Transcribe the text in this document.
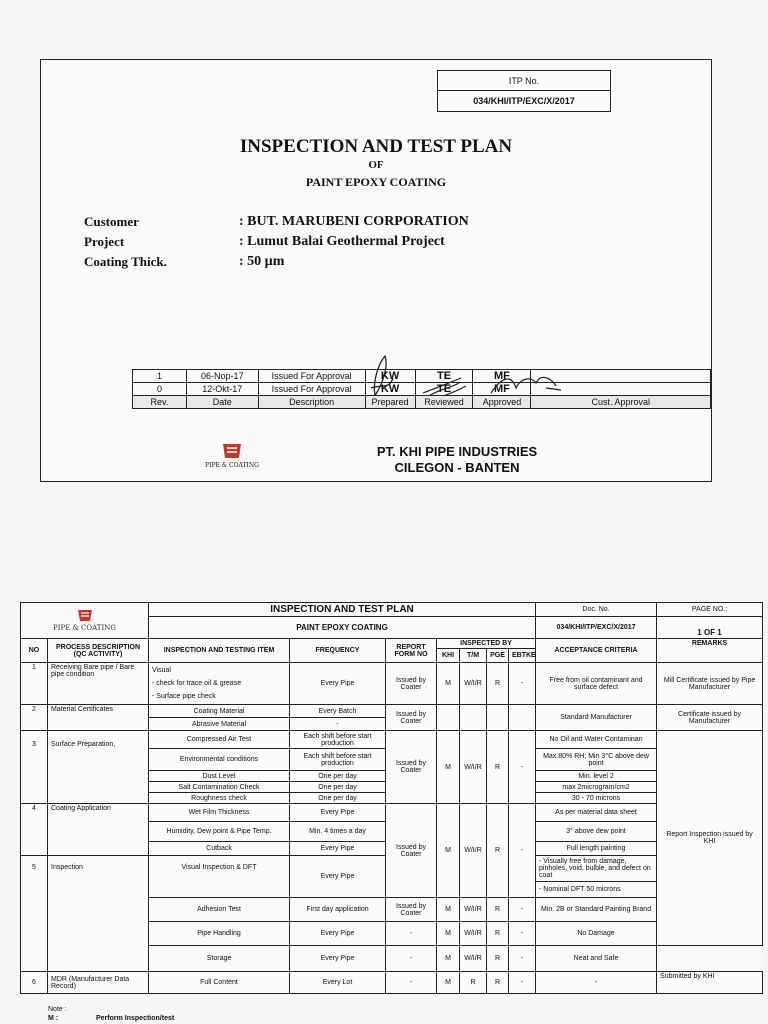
ITP No.
034/KHI/ITP/EXC/X/2017
INSPECTION AND TEST PLAN
OF
PAINT EPOXY COATING
Customer	: BUT. MARUBENI CORPORATION
Project	: Lumut Balai Geothermal Project
Coating Thick.	: 50 µm
1	06-Nop-17	Issued For Approval	KW	TE	MF	
0	12-Okt-17	Issued For Approval	KW	TE	MF	
Rev.	Date	Description	Prepared	Reviewed	Approved	Cust. Approval
PIPE & COATING
PT. KHI PIPE INDUSTRIES
CILEGON - BANTEN
PIPE & COATING		INSPECTION AND TEST PLAN							Doc. No.	PAGE NO.:
		PAINT EPOXY COATING							034/KHI/ITP/EXC/X/2017	1 OF 1
NO	PROCESS DESCRIPTION (QC ACTIVITY)	INSPECTION AND TESTING ITEM	FREQUENCY	REPORT FORM NO	INSPECTED BY				ACCEPTANCE CRITERIA	REMARKS
					KHI	T/M	PGE	EBTKE		
1	Receiving Bare pipe / Bare pipe condition	Visual
- check for trace oil & grease
- Surface pipe check	Every Pipe	Issued by Coater	M	W/I/R	R	-	Free from oil contaminant and surface defect	Mill Certificate issued by Pipe Manufacturer
2	Material Certificates	Coating Material	Every Batch	Issued by Coater					Standard Manufacturer	Certificate issued by Manufacturer
		Abrasive Material	-							
3	Surface Preparation,	Compressed Air Test	Each shift before start production	Issued by Coater	M	W/I/R	R	-	No Oil and Water Contaminan	Report Inspection issued by KHI
		Environmental conditions	Each shift before start production						Max.80% RH; Min 3°C above dew point	
		Dust Level	One per day						Min. level 2	
		Salt Contamination Check	One per day						max 2microgram/cm2	
		Roughness check	One per day						30 - 70 microns	
4	Coating Application	Wet Film Thickness	Every Pipe	Issued by Coater	M	W/I/R	R	-	As per material data sheet	
		Humidity, Dew point & Pipe Temp.	Min. 4 times a day						3° above dew point	
		Cutback	Every Pipe						Full length painting	
5	Inspection	Visual Inspection & DFT	Every Pipe						- Visually free from damage, pinholes, void, bulble, and defect on coat	
									- Nominal DFT 50 microns	
		Adhesion Test	First day application	Issued by Coater	M	W/I/R	R	-	Min. 2B or Standard Painting Brand	
		Pipe Handling	Every Pipe	-	M	W/I/R	R	-	No Damage	
		Storage	Every Pipe	-	M	W/I/R	R	-	Neat and Safe	
6	MDR (Manufacturer Data Record)	Full Content	Every Lot	-	M	R	R	-	-	Submitted by KHI
Note :
M :	Perform Inspection/test
